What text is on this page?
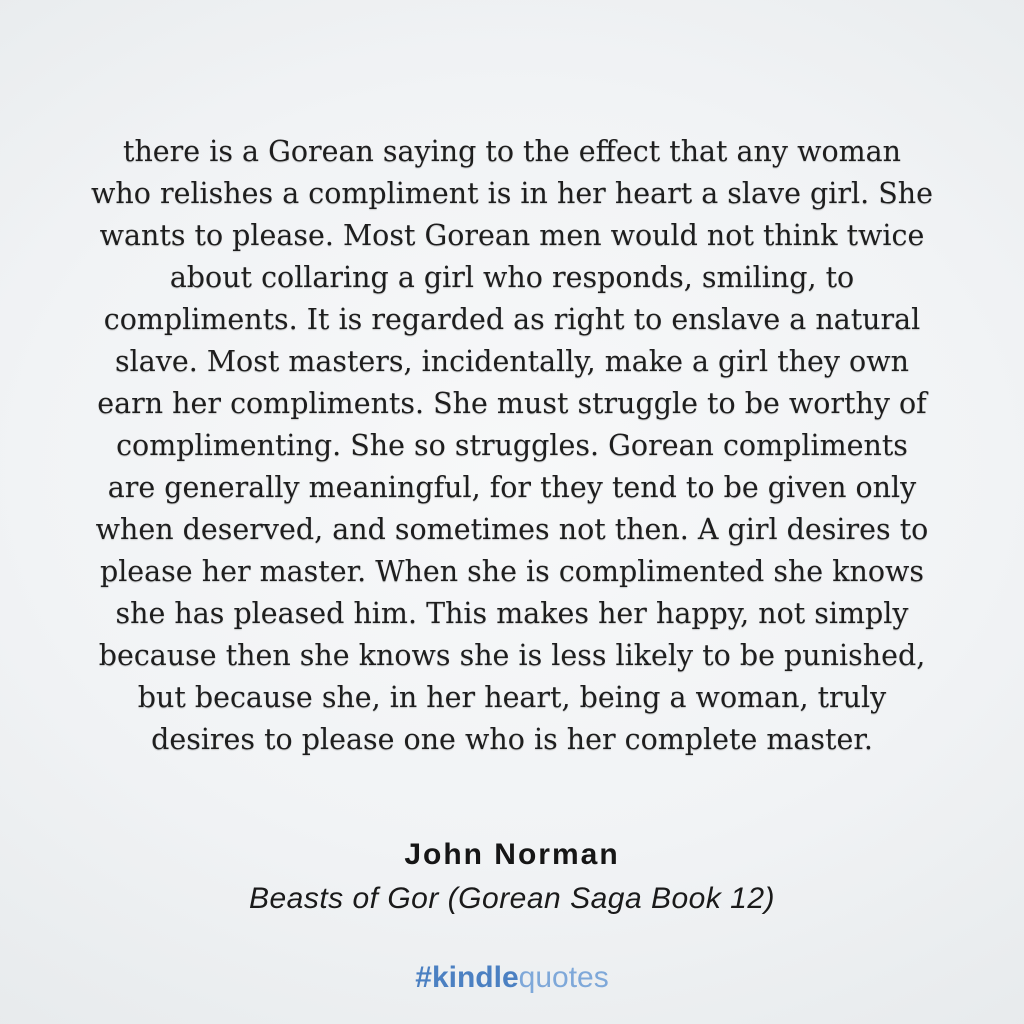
there is a Gorean saying to the effect that any woman
who relishes a compliment is in her heart a slave girl. She
wants to please. Most Gorean men would not think twice
about collaring a girl who responds, smiling, to
compliments. It is regarded as right to enslave a natural
slave. Most masters, incidentally, make a girl they own
earn her compliments. She must struggle to be worthy of
complimenting. She so struggles. Gorean compliments
are generally meaningful, for they tend to be given only
when deserved, and sometimes not then. A girl desires to
please her master. When she is complimented she knows
she has pleased him. This makes her happy, not simply
because then she knows she is less likely to be punished,
but because she, in her heart, being a woman, truly
desires to please one who is her complete master.
John Norman
Beasts of Gor (Gorean Saga Book 12)
#kindlequotes
